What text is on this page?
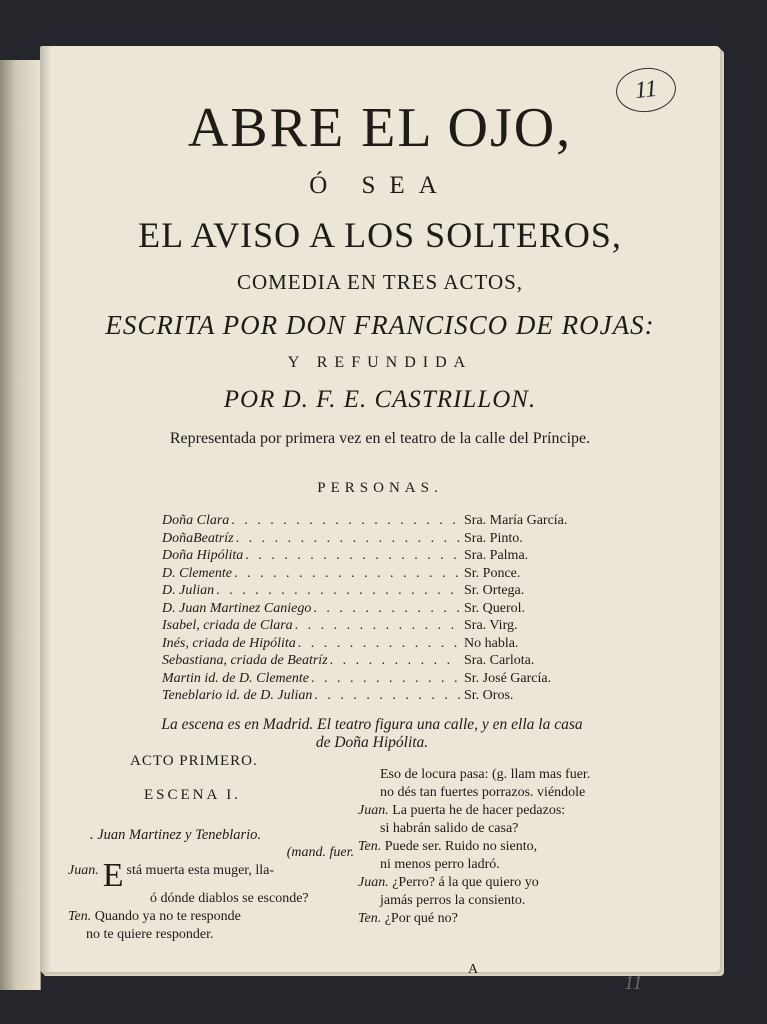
11
ABRE EL OJO,
Ó SEA
EL AVISO A LOS SOLTEROS,
COMEDIA EN TRES ACTOS,
ESCRITA POR DON FRANCISCO DE ROJAS:
Y REFUNDIDA
POR D. F. E. CASTRILLON.
Representada por primera vez en el teatro de la calle del Príncipe.
PERSONAS.
Doña Clara . . .	Sra. María García.
DoñaBeatríz . . .	Sra. Pinto.
Doña Hipólita . . .	Sra. Palma.
D. Clemente . . .	Sr. Ponce.
D. Julian . . .	Sr. Ortega.
D. Juan Martinez Caniego . . .	Sr. Querol.
Isabel, criada de Clara . . .	Sra. Virg.
Inés, criada de Hipólita . . .	No habla.
Sebastiana, criada de Beatríz . . .	Sra. Carlota.
Martin id. de D. Clemente . . .	Sr. José García.
Teneblario id. de D. Julian . . .	Sr. Oros.
La escena es en Madrid. El teatro figura una calle, y en ella la casa
de Doña Hipólita.
ACTO PRIMERO.
ESCENA I.
. Juan Martinez y Teneblario.
(mand. fuer.
Juan. E stá muerta esta muger, lla-
ó dónde diablos se esconde?
Ten. Quando ya no te responde
no te quiere responder.
Eso de locura pasa: (g. llam mas fuer.
no dés tan fuertes porrazos. viéndole
Juan. La puerta he de hacer pedazos:
si habrán salido de casa?
Ten. Puede ser. Ruido no siento,
ni menos perro ladró.
Juan. ¿Perro? á la que quiero yo
jamás perros la consiento.
Ten. ¿Por qué no?
A
11
